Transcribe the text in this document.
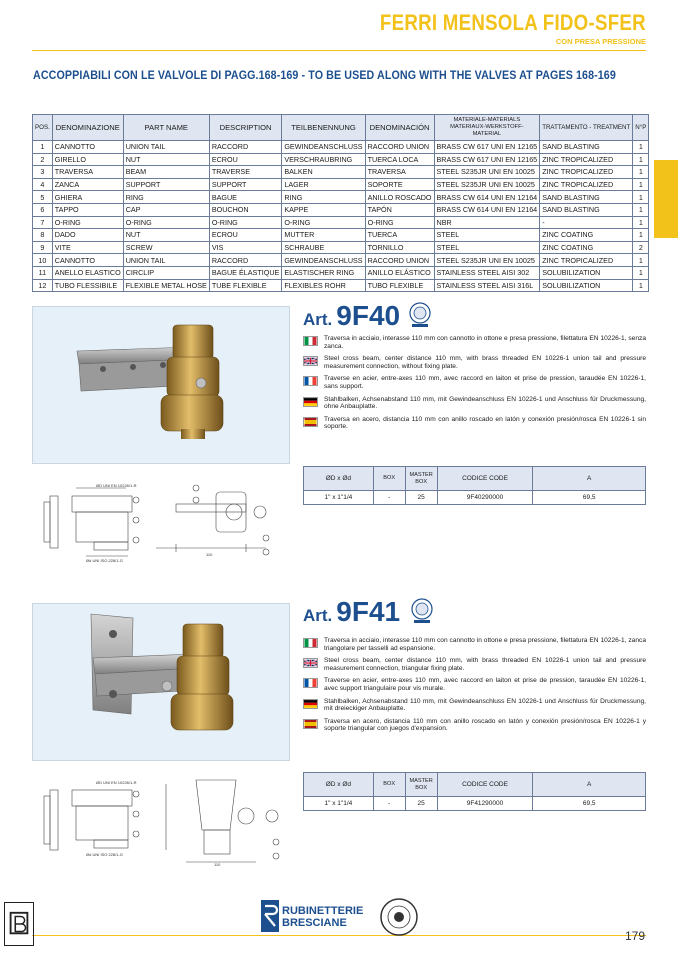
FERRI MENSOLA FIDO-SFER
CON PRESA PRESSIONE
ACCOPPIABILI CON LE VALVOLE DI PAGG.168-169 - TO BE USED ALONG WITH THE VALVES AT PAGES 168-169
POS.	DENOMINAZIONE	PART NAME	DESCRIPTION	TEILBENENNUNG	DENOMINACIÓN	MATERIALE-MATERIALS MATERIAUX-WERKSTOFF-MATERIAL	TRATTAMENTO - TREATMENT	N°P
1	CANNOTTO	UNION TAIL	RACCORD	GEWINDEANSCHLUSS	RACCORD UNION	BRASS CW 617 UNI EN 12165	SAND BLASTING	1
2	GIRELLO	NUT	ECROU	VERSCHRAUBRING	TUERCA LOCA	BRASS CW 617 UNI EN 12165	ZINC TROPICALIZED	1
3	TRAVERSA	BEAM	TRAVERSE	BALKEN	TRAVERSA	STEEL S235JR UNI EN 10025	ZINC TROPICALIZED	1
4	ZANCA	SUPPORT	SUPPORT	LAGER	SOPORTE	STEEL S235JR UNI EN 10025	ZINC TROPICALIZED	1
5	GHIERA	RING	BAGUE	RING	ANILLO ROSCADO	BRASS CW 614 UNI EN 12164	SAND BLASTING	1
6	TAPPO	CAP	BOUCHON	KAPPE	TAPÓN	BRASS CW 614 UNI EN 12164	SAND BLASTING	1
7	O-RING	O-RING	O-RING	O-RING	O-RING	NBR	-	1
8	DADO	NUT	ECROU	MUTTER	TUERCA	STEEL	ZINC COATING	1
9	VITE	SCREW	VIS	SCHRAUBE	TORNILLO	STEEL	ZINC COATING	2
10	CANNOTTO	UNION TAIL	RACCORD	GEWINDEANSCHLUSS	RACCORD UNION	STEEL S235JR UNI EN 10025	ZINC TROPICALIZED	1
11	ANELLO ELASTICO	CIRCLIP	BAGUE ÉLASTIQUE	ELASTISCHER RING	ANILLO ELÁSTICO	STAINLESS STEEL AISI 302	SOLUBILIZATION	1
12	TUBO FLESSIBILE	FLEXIBLE METAL HOSE	TUBE FLEXIBLE	FLEXIBLES ROHR	TUBO FLEXIBLE	STAINLESS STEEL AISI 316L	SOLUBILIZATION	1
ØD UNI EN 10226/1-R
Ød UNI ISO 228/1-G
110
Art. 9F40
Traversa in acciaio, interasse 110 mm con cannotto in ottone e presa pressione, filettatura EN 10226-1, senza zanca.
Steel cross beam, center distance 110 mm, with brass threaded EN 10226-1 union tail and pressure measurement connection, without fixing plate.
Traverse en acier, entre-axes 110 mm, avec raccord en laiton et prise de pression, taraudée EN 10226-1, sans support.
Stahlbalken, Achsenabstand 110 mm, mit Gewindeanschluss EN 10226-1 und Anschluss für Druckmessung, ohne Anbauplatte.
Traversa en acero, distancia 110 mm con anillo roscado en latón y conexión presión/rosca EN 10226-1 sin soporte.
ØD x Ød	BOX	MASTER BOX	CODICE CODE	A
1" x 1"1/4	-	25	9F40290000	69,5
ØD UNI EN 10226/1-R
Ød UNI ISO 228/1-G
110
Art. 9F41
Traversa in acciaio, interasse 110 mm con cannotto in ottone e presa pressione, filettatura EN 10226-1, zanca triangolare per tasselli ad espansione.
Steel cross beam, center distance 110 mm, with brass threaded EN 10226-1 union tail and pressure measurement connection, triangular fixing plate.
Traverse en acier, entre-axes 110 mm, avec raccord en laiton et prise de pression, taraudée EN 10226-1, avec support triangulaire pour vis murale.
Stahlbalken, Achsenabstand 110 mm, mit Gewindeanschluss EN 10226-1 und Anschluss für Druckmessung, mit dreieckiger Anbauplatte.
Traversa en acero, distancia 110 mm con anillo roscado en latón y conexión presión/rosca EN 10226-1 y soporte triangular con juegos d'expansion.
ØD x Ød	BOX	MASTER BOX	CODICE CODE	A
1" x 1"1/4	-	25	9F41290000	69,5
RUBINETTERIE
BRESCIANE
179
